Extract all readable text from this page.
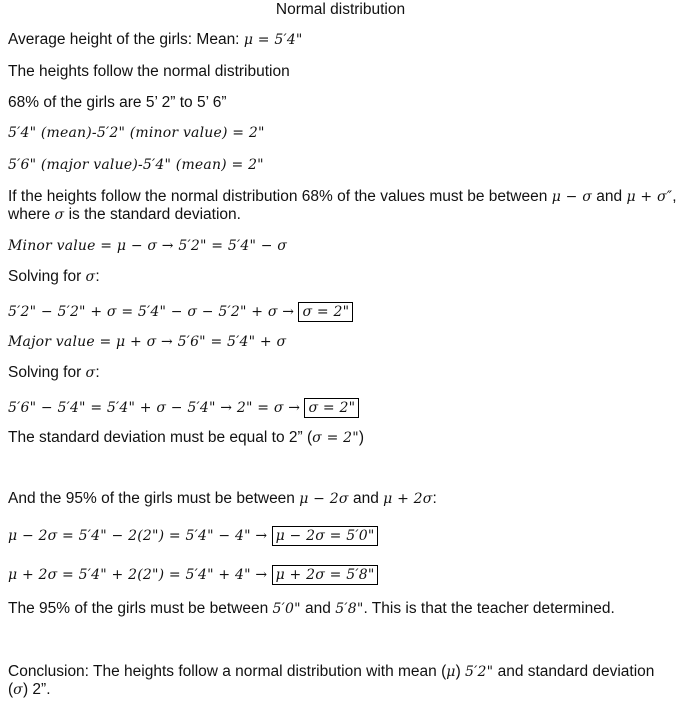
Normal distribution
Average height of the girls: Mean: μ = 5′4"
The heights follow the normal distribution
68% of the girls are 5’ 2” to 5’ 6”
5′4" (mean)-5′2" (minor value) = 2"
5′6" (major value)-5′4" (mean) = 2"
If the heights follow the normal distribution 68% of the values must be between μ − σ and μ + σ″,
where σ is the standard deviation.
Minor value = μ − σ → 5′2" = 5′4" − σ
Solving for σ:
5′2" − 5′2" + σ = 5′4" − σ − 5′2" + σ → σ = 2"
Major value = μ + σ → 5′6" = 5′4" + σ
Solving for σ:
5′6" − 5′4" = 5′4" + σ − 5′4" → 2" = σ → σ = 2"
The standard deviation must be equal to 2” (σ = 2")
And the 95% of the girls must be between μ − 2σ and μ + 2σ:
μ − 2σ = 5′4" − 2(2") = 5′4" − 4" → μ − 2σ = 5′0"
μ + 2σ = 5′4" + 2(2") = 5′4" + 4" → μ + 2σ = 5′8"
The 95% of the girls must be between 5′0" and 5′8". This is that the teacher determined.
Conclusion: The heights follow a normal distribution with mean (μ) 5′2" and standard deviation
(σ) 2”.
